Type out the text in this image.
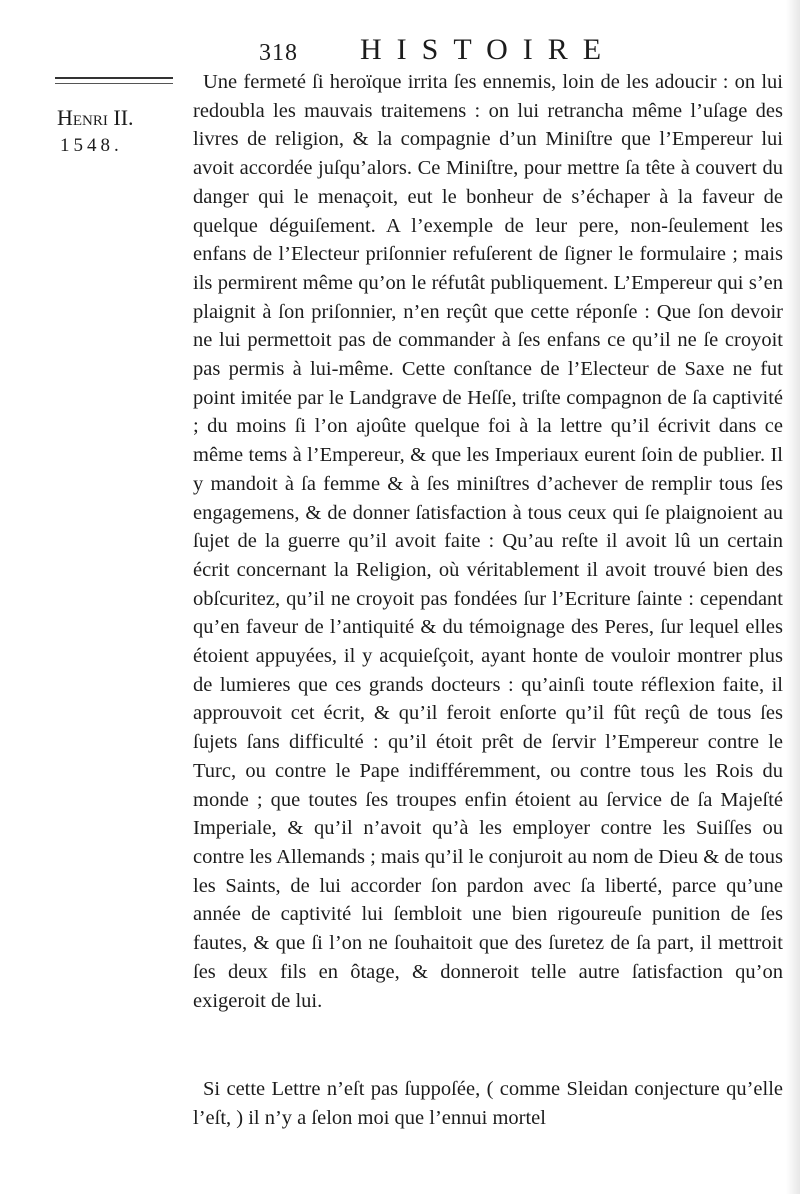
318 HISTOIRE
Henri II.
1548.

Une fermeté ſi heroïque irrita ſes ennemis, loin de les adoucir : on lui redoubla les mauvais traitemens : on lui retrancha même l’uſage des livres de religion, & la compagnie d’un Miniſtre que l’Empereur lui avoit accordée juſqu’alors. Ce Miniſtre, pour mettre ſa tête à couvert du danger qui le menaçoit, eut le bonheur de s’échaper à la faveur de quelque déguiſement. A l’exemple de leur pere, non-ſeulement les enfans de l’Electeur priſonnier refuſerent de ſigner le formulaire ; mais ils permirent même qu’on le réfutât publiquement. L’Empereur qui s’en plaignit à ſon priſonnier, n’en reçût que cette réponſe : Que ſon devoir ne lui permettoit pas de commander à ſes enfans ce qu’il ne ſe croyoit pas permis à lui-même. Cette conſtance de l’Electeur de Saxe ne fut point imitée par le Landgrave de Heſſe, triſte compagnon de ſa captivité ; du moins ſi l’on ajoûte quelque foi à la lettre qu’il écrivit dans ce même tems à l’Empereur, & que les Imperiaux eurent ſoin de publier. Il y mandoit à ſa femme & à ſes miniſtres d’achever de remplir tous ſes engagemens, & de donner ſatisfaction à tous ceux qui ſe plaignoient au ſujet de la guerre qu’il avoit faite : Qu’au reſte il avoit lû un certain écrit concernant la Religion, où véritablement il avoit trouvé bien des obſcuritez, qu’il ne croyoit pas fondées ſur l’Ecriture ſainte : cependant qu’en faveur de l’antiquité & du témoignage des Peres, ſur lequel elles étoient appuyées, il y acquieſçoit, ayant honte de vouloir montrer plus de lumieres que ces grands docteurs : qu’ainſi toute réflexion faite, il approuvoit cet écrit, & qu’il feroit enſorte qu’il fût reçû de tous ſes ſujets ſans difficulté : qu’il étoit prêt de ſervir l’Empereur contre le Turc, ou contre le Pape indifféremment, ou contre tous les Rois du monde ; que toutes ſes troupes enfin étoient au ſervice de ſa Majeſté Imperiale, & qu’il n’avoit qu’à les employer contre les Suiſſes ou contre les Allemands ; mais qu’il le conjuroit au nom de Dieu & de tous les Saints, de lui accorder ſon pardon avec ſa liberté, parce qu’une année de captivité lui ſembloit une bien rigoureuſe punition de ſes fautes, & que ſi l’on ne ſouhaitoit que des ſuretez de ſa part, il mettroit ſes deux fils en ôtage, & donneroit telle autre ſatisfaction qu’on exigeroit de lui.

Si cette Lettre n’eſt pas ſuppoſée, ( comme Sleidan conjecture qu’elle l’eſt, ) il n’y a ſelon moi que l’ennui mortel
